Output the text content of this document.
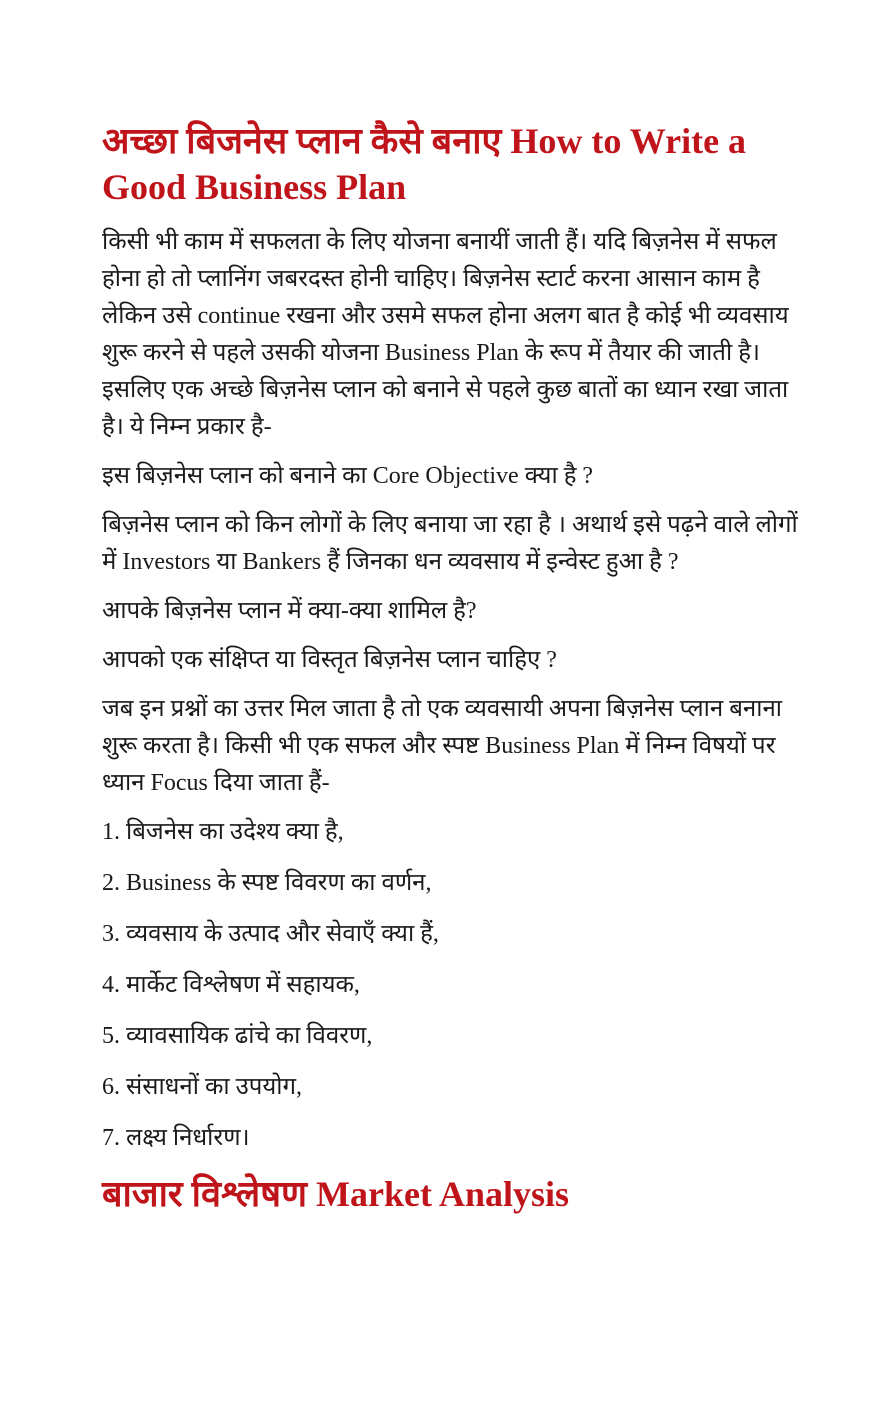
अच्छा बिजनेस प्लान कैसे बनाए How to Write a Good Business Plan

किसी भी काम में सफलता के लिए योजना बनायीं जाती हैं। यदि बिज़नेस में सफल होना हो तो प्लानिंग जबरदस्त होनी चाहिए। बिज़नेस स्टार्ट करना आसान काम है लेकिन उसे continue रखना और उसमे सफल होना अलग बात है कोई भी व्यवसाय शुरू करने से पहले उसकी योजना Business Plan के रूप में तैयार की जाती है। इसलिए एक अच्छे बिज़नेस प्लान को बनाने से पहले कुछ बातों का ध्यान रखा जाता है। ये निम्न प्रकार है-

इस बिज़नेस प्लान को बनाने का Core Objective क्या है ?

बिज़नेस प्लान को किन लोगों के लिए बनाया जा रहा है । अथार्थ इसे पढ़ने वाले लोगों में Investors या Bankers हैं जिनका धन व्यवसाय में इन्वेस्ट हुआ है ?

आपके बिज़नेस प्लान में क्या-क्या शामिल है?

आपको एक संक्षिप्त या विस्तृत बिज़नेस प्लान चाहिए ?

जब इन प्रश्नों का उत्तर मिल जाता है तो एक व्यवसायी अपना बिज़नेस प्लान बनाना शुरू करता है। किसी भी एक सफल और स्पष्ट Business Plan में निम्न विषयों पर ध्यान Focus दिया जाता हैं-

1. बिजनेस का उदेश्य क्या है,
2. Business के स्पष्ट विवरण का वर्णन,
3. व्यवसाय के उत्पाद और सेवाएँ क्या हैं,
4. मार्केट विश्लेषण में सहायक,
5. व्यावसायिक ढांचे का विवरण,
6. संसाधनों का उपयोग,
7. लक्ष्य निर्धारण।
बाजार विश्लेषण Market Analysis
